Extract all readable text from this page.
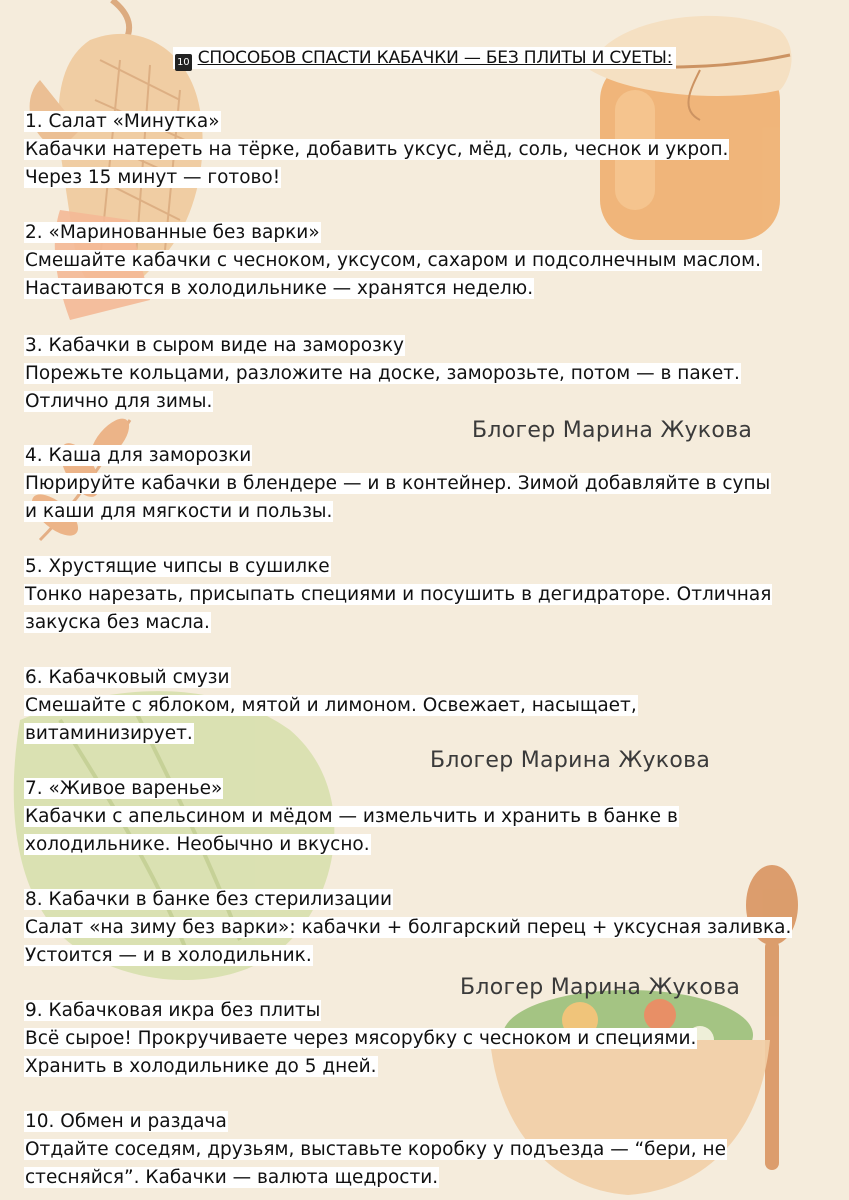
10 СПОСОБОВ СПАСТИ КАБАЧКИ — БЕЗ ПЛИТЫ И СУЕТЫ:
1. Салат «Минутка»
Кабачки натереть на тёрке, добавить уксус, мёд, соль, чеснок и укроп.
Через 15 минут — готово!
2. «Маринованные без варки»
Смешайте кабачки с чесноком, уксусом, сахаром и подсолнечным маслом.
Настаиваются в холодильнике — хранятся неделю.
3. Кабачки в сыром виде на заморозку
Порежьте кольцами, разложите на доске, заморозьте, потом — в пакет.
Отлично для зимы.
Блогер Марина Жукова
4. Каша для заморозки
Пюрируйте кабачки в блендере — и в контейнер. Зимой добавляйте в супы
и каши для мягкости и пользы.
5. Хрустящие чипсы в сушилке
Тонко нарезать, присыпать специями и посушить в дегидраторе. Отличная
закуска без масла.
6. Кабачковый смузи
Смешайте с яблоком, мятой и лимоном. Освежает, насыщает,
витаминизирует.
Блогер Марина Жукова
7. «Живое варенье»
Кабачки с апельсином и мёдом — измельчить и хранить в банке в
холодильнике. Необычно и вкусно.
8. Кабачки в банке без стерилизации
Салат «на зиму без варки»: кабачки + болгарский перец + уксусная заливка.
Устоится — и в холодильник.
Блогер Марина Жукова
9. Кабачковая икра без плиты
Всё сырое! Прокручиваете через мясорубку с чесноком и специями.
Хранить в холодильнике до 5 дней.
10. Обмен и раздача
Отдайте соседям, друзьям, выставьте коробку у подъезда — “бери, не
стесняйся”. Кабачки — валюта щедрости.
